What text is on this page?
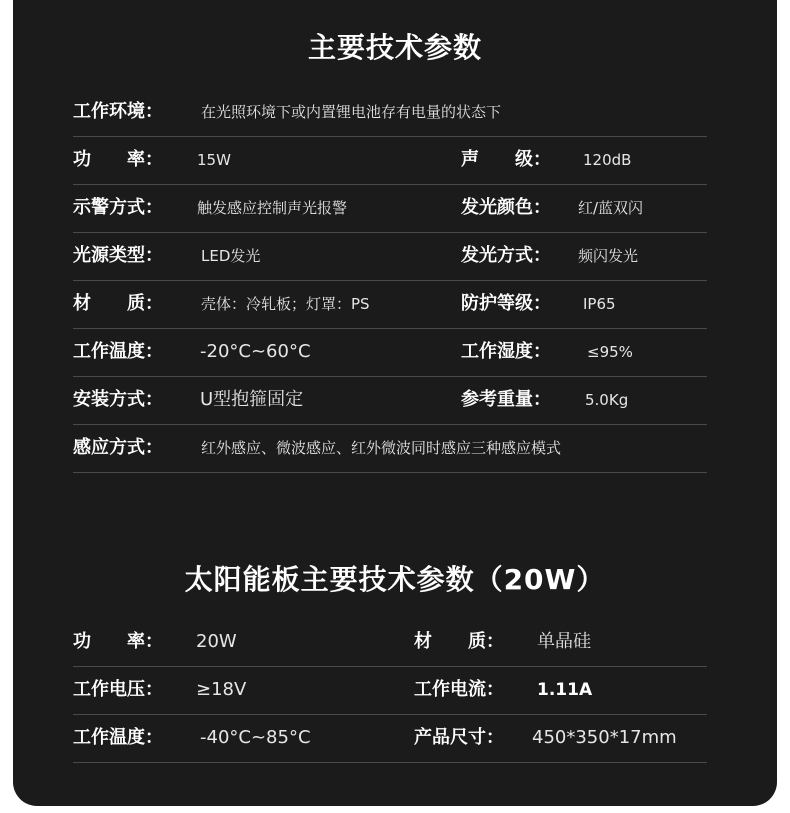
主要技术参数
工作环境：	在光照环境下或内置锂电池存有电量的状态下
功　　率： 15W	声　　级： 120dB
示警方式： 触发感应控制声光报警	发光颜色： 红/蓝双闪
光源类型：	LED发光	发光方式： 频闪发光
材　　质：	壳体：冷轧板；灯罩：PS	防护等级： IP65
工作温度： -20°C~60°C	工作湿度： ≤95%
安装方式： U型抱箍固定	参考重量： 5.0Kg
感应方式：	红外感应、微波感应、红外微波同时感应三种感应模式
太阳能板主要技术参数（20W）
功　　率： 20W	材　　质： 单晶硅
工作电压： ≥18V	工作电流： 1.11A
工作温度： -40°C~85°C	产品尺寸： 450*350*17mm
